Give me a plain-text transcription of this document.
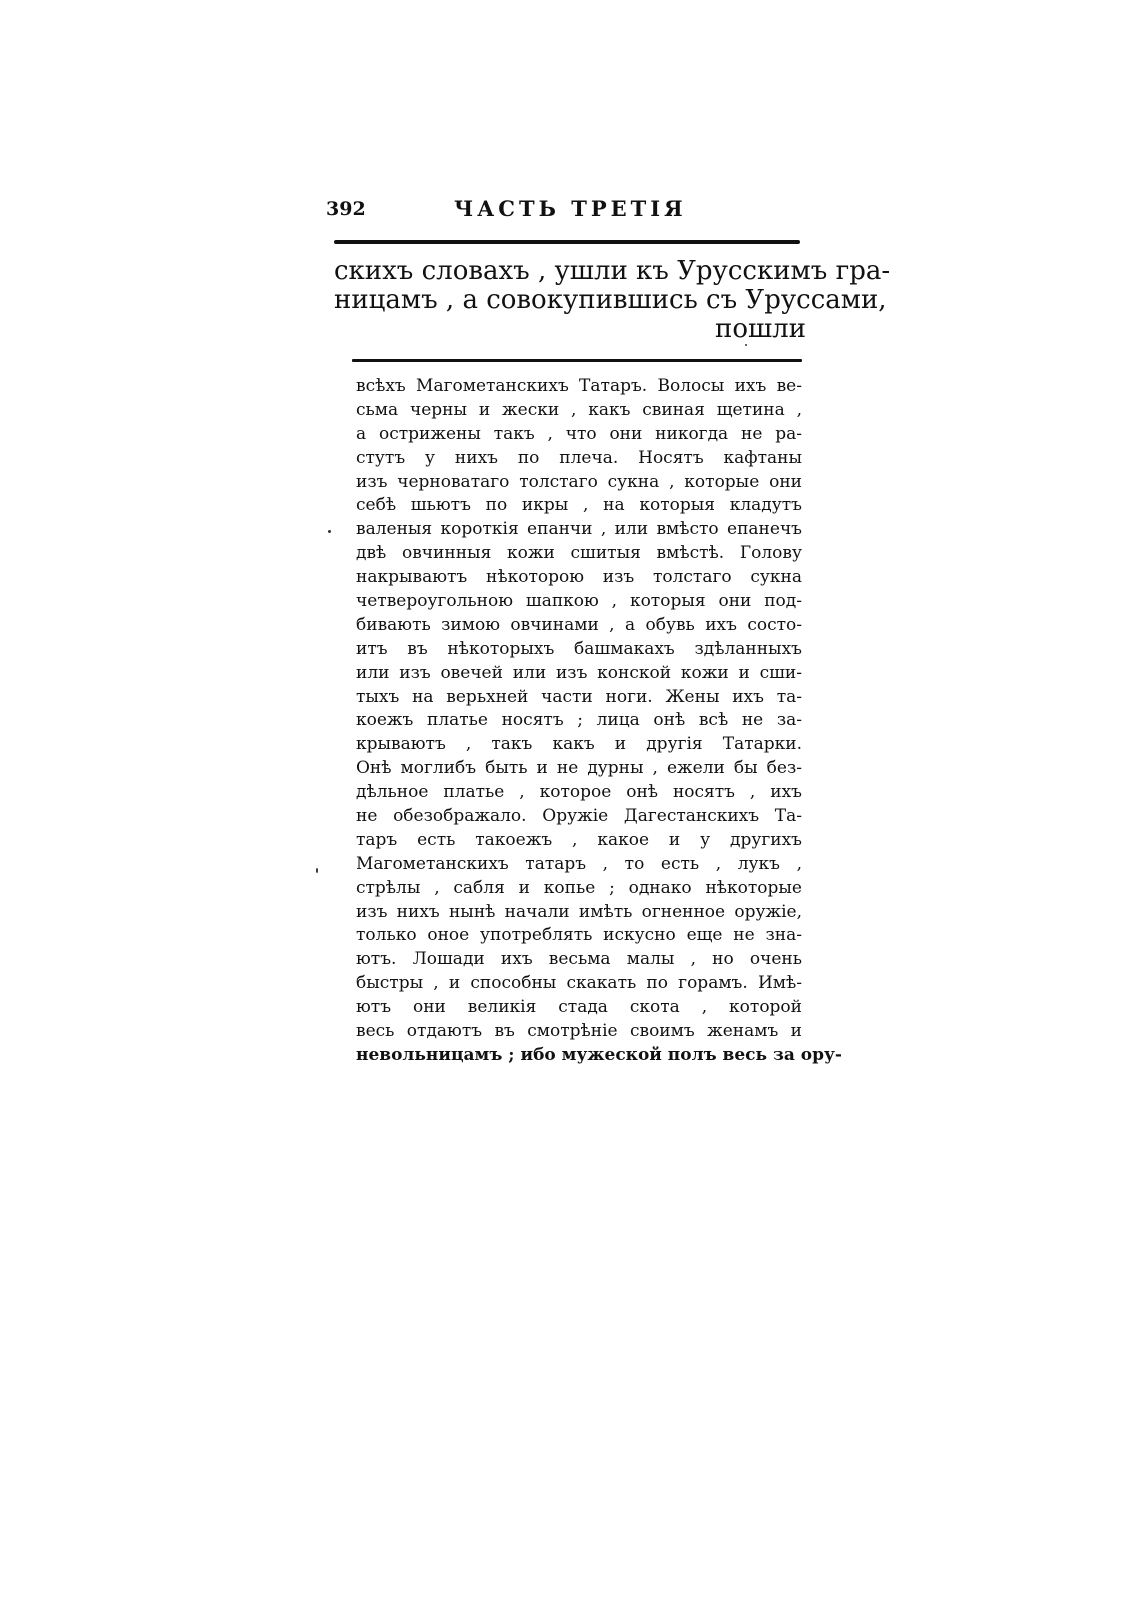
392	ЧАСТЬ ТРЕТІЯ
скихъ словахъ , ушли къ Урусскимъ гра-
ницамъ , а совокупившись съ Уруссами,
пошли
всѣхъ Магометанскихъ Татаръ. Волосы ихъ ве-
сьма черны и жески , какъ свиная щетина ,
а острижены такъ , что они никогда не ра-
стутъ у нихъ по плеча. Носятъ кафтаны
изъ черноватаго толстаго сукна , которые они
себѣ шьютъ по икры , на которыя кладутъ
валеныя короткія епанчи , или вмѣсто епанечъ
двѣ овчинныя кожи сшитыя вмѣстѣ. Голову
накрываютъ нѣкоторою изъ толстаго сукна
четвероугольною шапкою , которыя они под-
бивають зимою овчинами , а обувь ихъ состо-
итъ въ нѣкоторыхъ башмакахъ здѣланныхъ
или изъ овечей или изъ конской кожи и сши-
тыхъ на верьхней части ноги. Жены ихъ та-
коежъ платье носятъ ; лица онѣ всѣ не за-
крываютъ , такъ какъ и другія Татарки.
Онѣ моглибъ быть и не дурны , ежели бы без-
дѣльное платье , которое онѣ носятъ , ихъ
не обезображало. Оружіе Дагестанскихъ Та-
таръ есть такоежъ , какое и у другихъ
Магометанскихъ татаръ , то есть , лукъ ,
стрѣлы , сабля и копье ; однако нѣкоторые
изъ нихъ нынѣ начали имѣть огненное оружіе,
только оное употреблять искусно еще не зна-
ютъ. Лошади ихъ весьма малы , но очень
быстры , и способны скакать по горамъ. Имѣ-
ютъ они великія стада скота , которой
весь отдаютъ въ смотрѣніе своимъ женамъ и
невольницамъ ; ибо мужеской полъ весь за ору-
